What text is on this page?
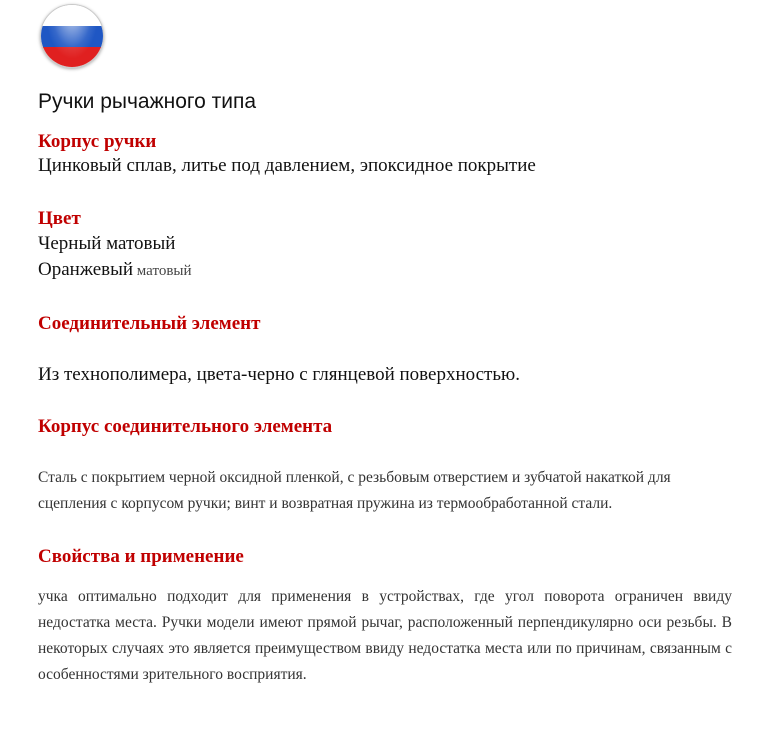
Ручки рычажного типа
Корпус ручки

Цинковый сплав, литье под давлением, эпоксидное покрытие

Цвет

Черный матовый

Оранжевый матовый

Соединительный элемент

Из технополимера, цвета-черно с глянцевой поверхностью.

Корпус соединительного элемента

Сталь с покрытием черной оксидной пленкой, с резьбовым отверстием и зубчатой накаткой для сцепления с корпусом ручки; винт и возвратная пружина из термообработанной стали.

Свойства и применение

учка оптимально подходит для применения в устройствах, где угол поворота ограничен ввиду недостатка места. Ручки модели имеют прямой рычаг, расположенный перпендикулярно оси резьбы. В некоторых случаях это является преимуществом ввиду недостатка места или по причинам, связанным с особенностями зрительного восприятия.
